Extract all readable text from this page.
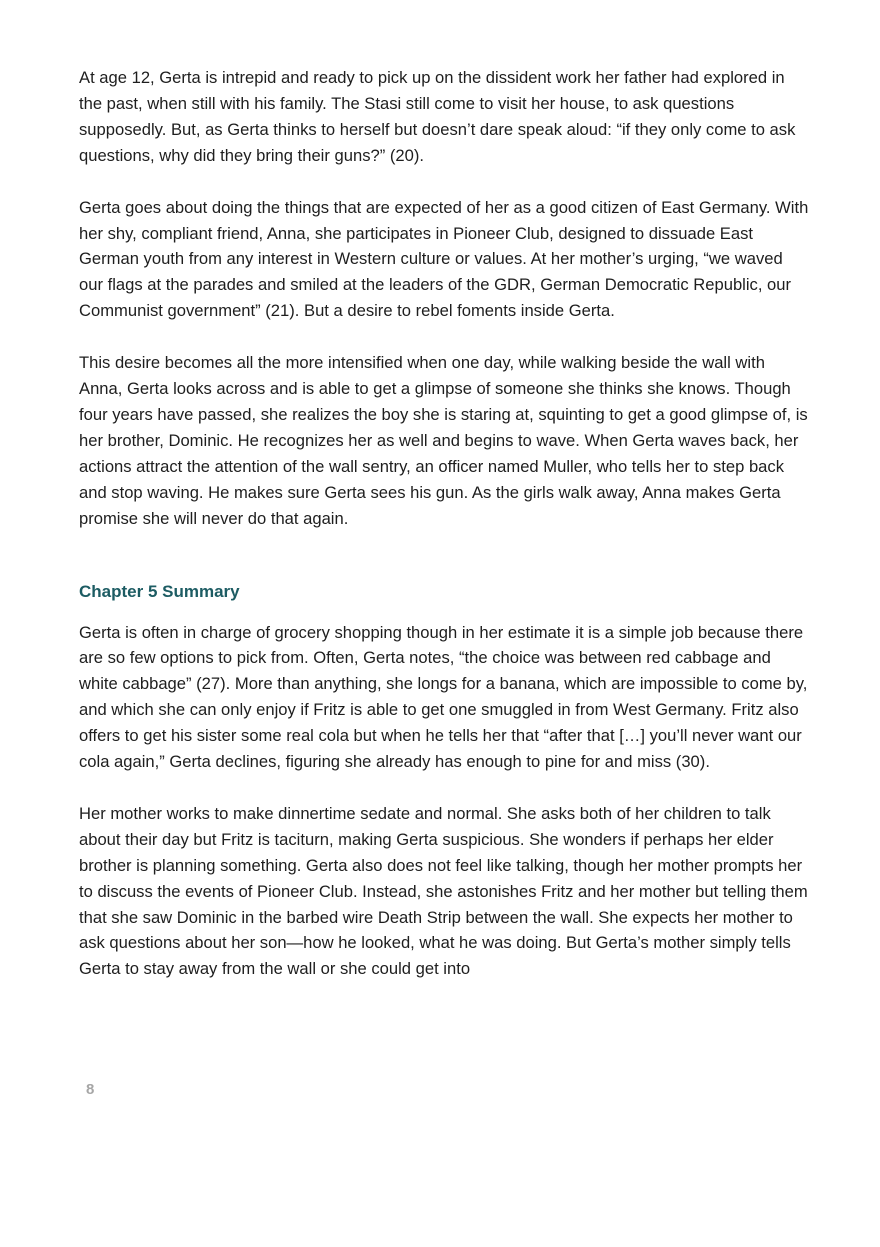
At age 12, Gerta is intrepid and ready to pick up on the dissident work her father had explored in the past, when still with his family. The Stasi still come to visit her house, to ask questions supposedly. But, as Gerta thinks to herself but doesn’t dare speak aloud: “if they only come to ask questions, why did they bring their guns?” (20).

Gerta goes about doing the things that are expected of her as a good citizen of East Germany. With her shy, compliant friend, Anna, she participates in Pioneer Club, designed to dissuade East German youth from any interest in Western culture or values. At her mother’s urging, “we waved our flags at the parades and smiled at the leaders of the GDR, German Democratic Republic, our Communist government” (21). But a desire to rebel foments inside Gerta.

This desire becomes all the more intensified when one day, while walking beside the wall with Anna, Gerta looks across and is able to get a glimpse of someone she thinks she knows. Though four years have passed, she realizes the boy she is staring at, squinting to get a good glimpse of, is her brother, Dominic. He recognizes her as well and begins to wave. When Gerta waves back, her actions attract the attention of the wall sentry, an officer named Muller, who tells her to step back and stop waving. He makes sure Gerta sees his gun. As the girls walk away, Anna makes Gerta promise she will never do that again.

Chapter 5 Summary

Gerta is often in charge of grocery shopping though in her estimate it is a simple job because there are so few options to pick from. Often, Gerta notes, “the choice was between red cabbage and white cabbage” (27). More than anything, she longs for a banana, which are impossible to come by, and which she can only enjoy if Fritz is able to get one smuggled in from West Germany. Fritz also offers to get his sister some real cola but when he tells her that “after that […] you’ll never want our cola again,” Gerta declines, figuring she already has enough to pine for and miss (30).

Her mother works to make dinnertime sedate and normal. She asks both of her children to talk about their day but Fritz is taciturn, making Gerta suspicious. She wonders if perhaps her elder brother is planning something. Gerta also does not feel like talking, though her mother prompts her to discuss the events of Pioneer Club. Instead, she astonishes Fritz and her mother but telling them that she saw Dominic in the barbed wire Death Strip between the wall. She expects her mother to ask questions about her son—how he looked, what he was doing. But Gerta’s mother simply tells Gerta to stay away from the wall or she could get into

8
